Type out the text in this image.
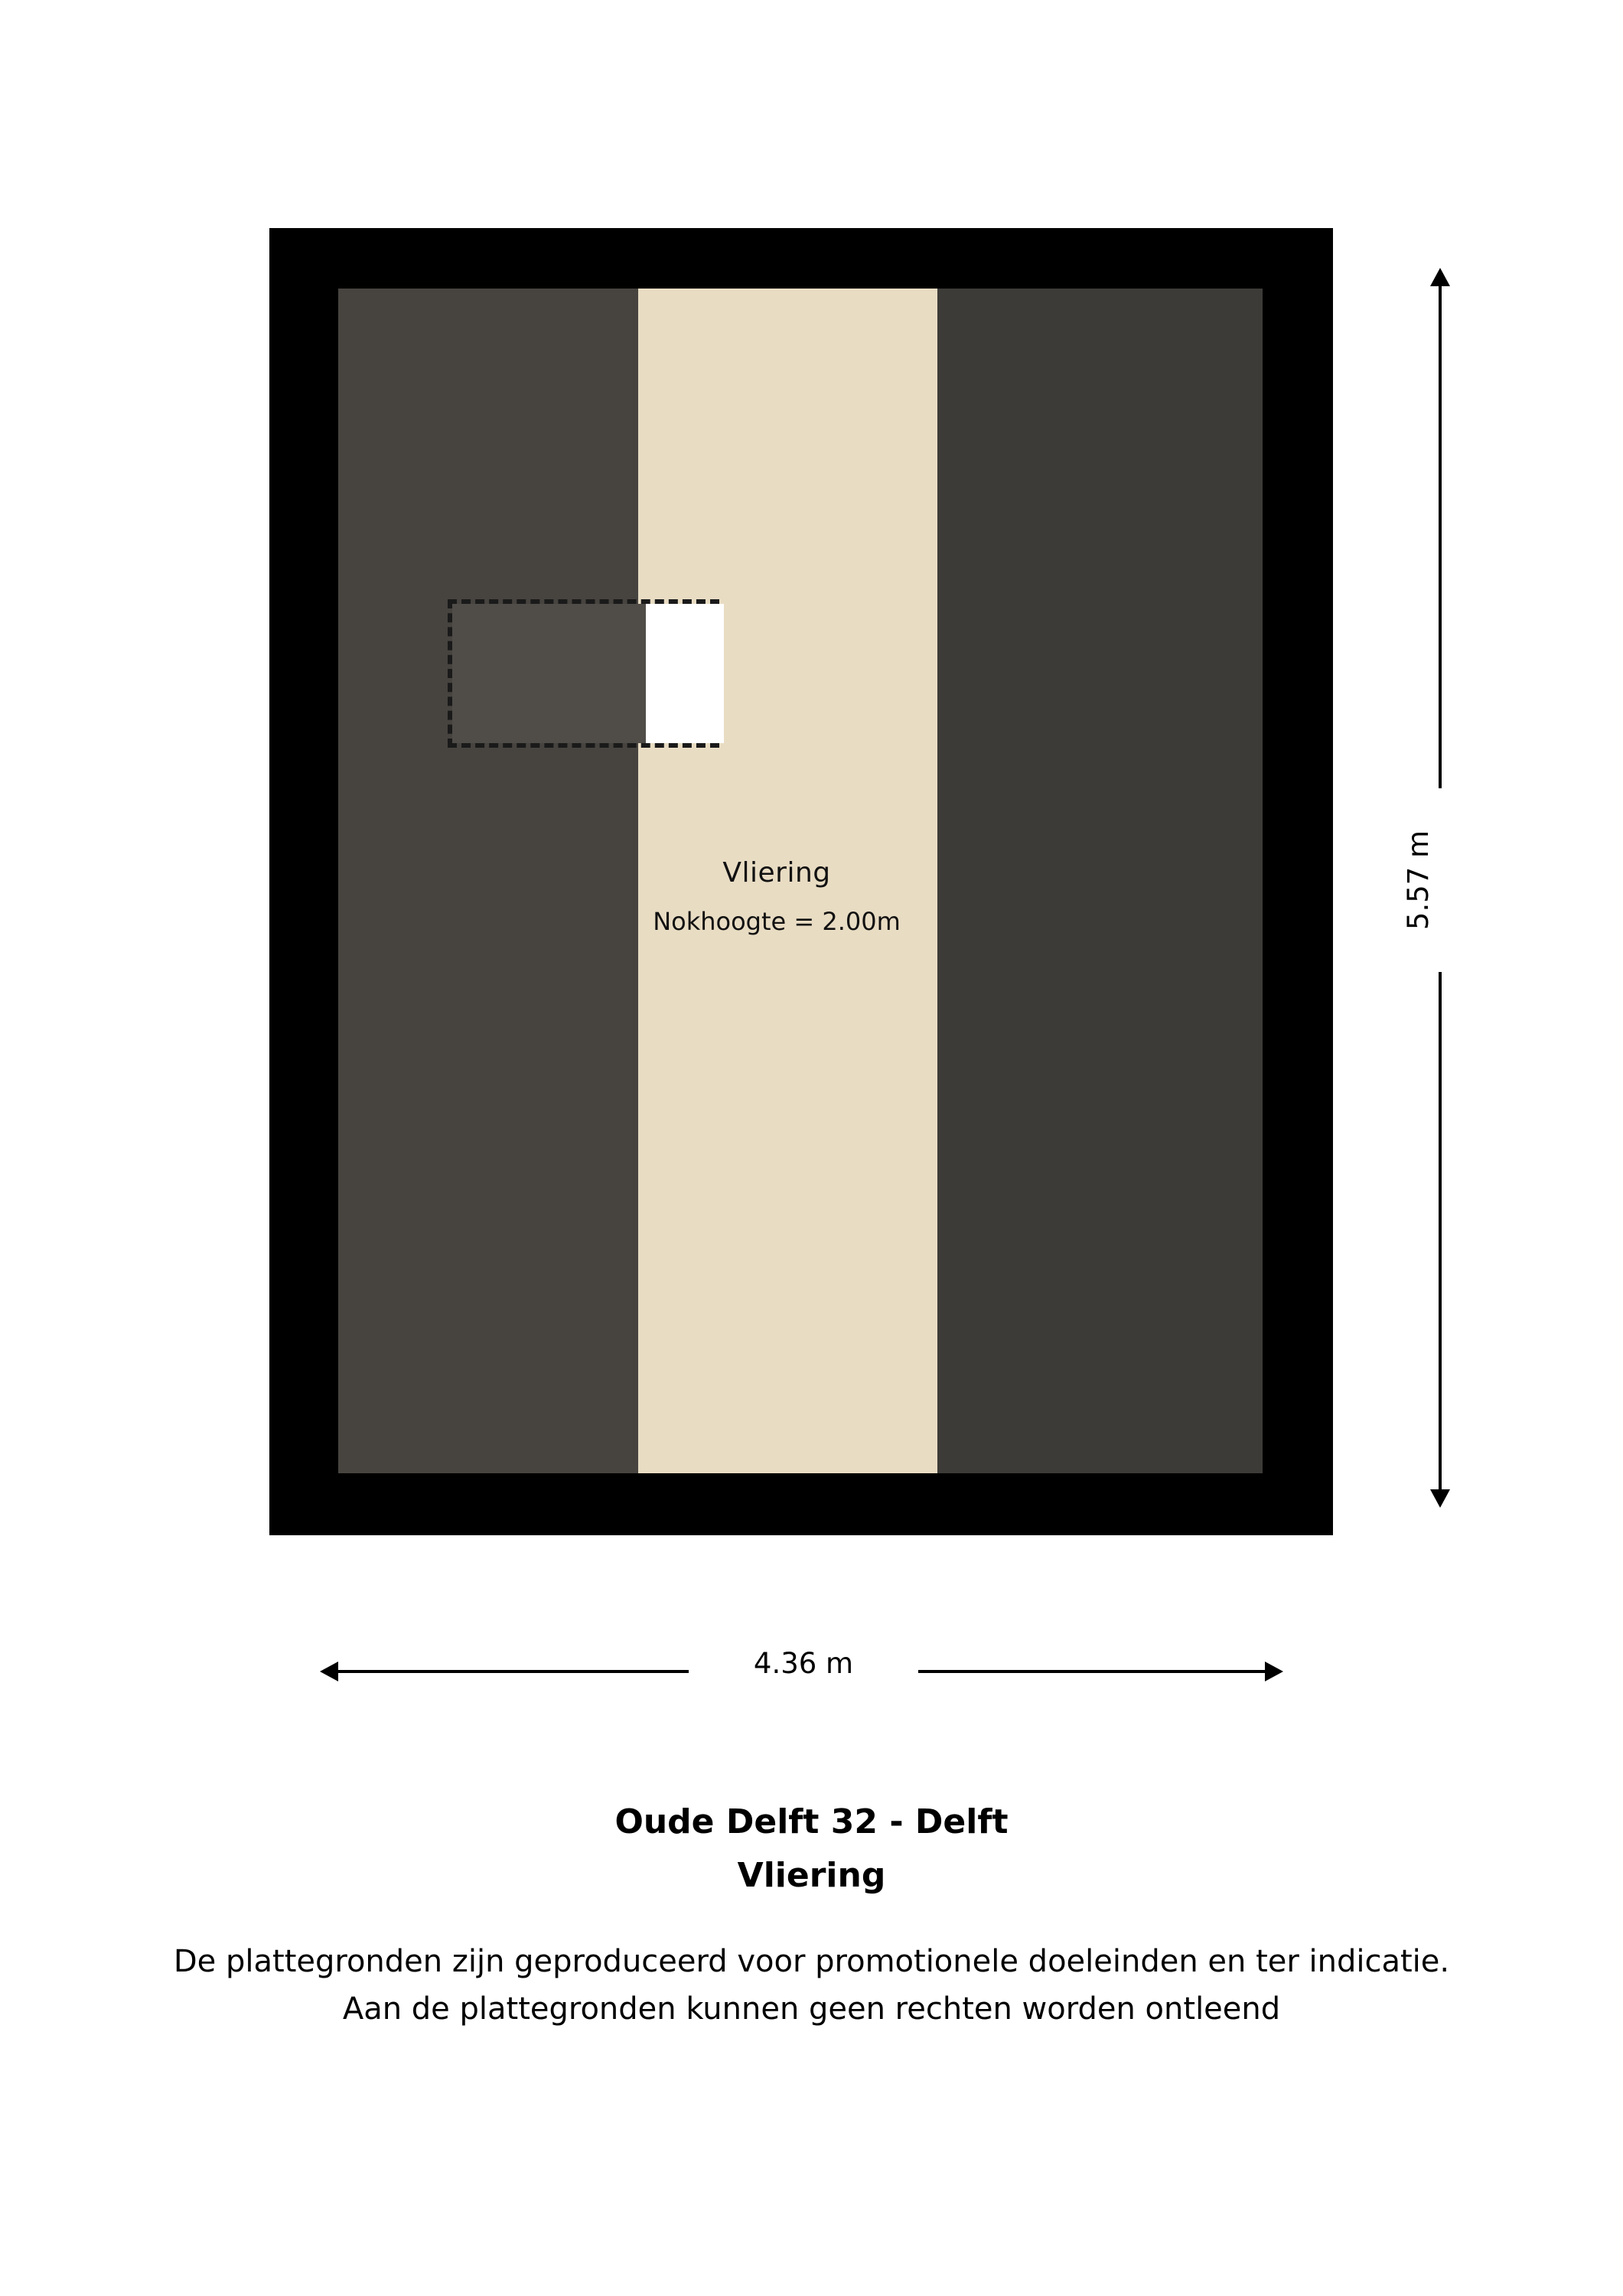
Vliering
Nokhoogte = 2.00m	5.57 m
4.36 m
Oude Delft 32 - Delft
Vliering
De plattegronden zijn geproduceerd voor promotionele doeleinden en ter indicatie.
Aan de plattegronden kunnen geen rechten worden ontleend
